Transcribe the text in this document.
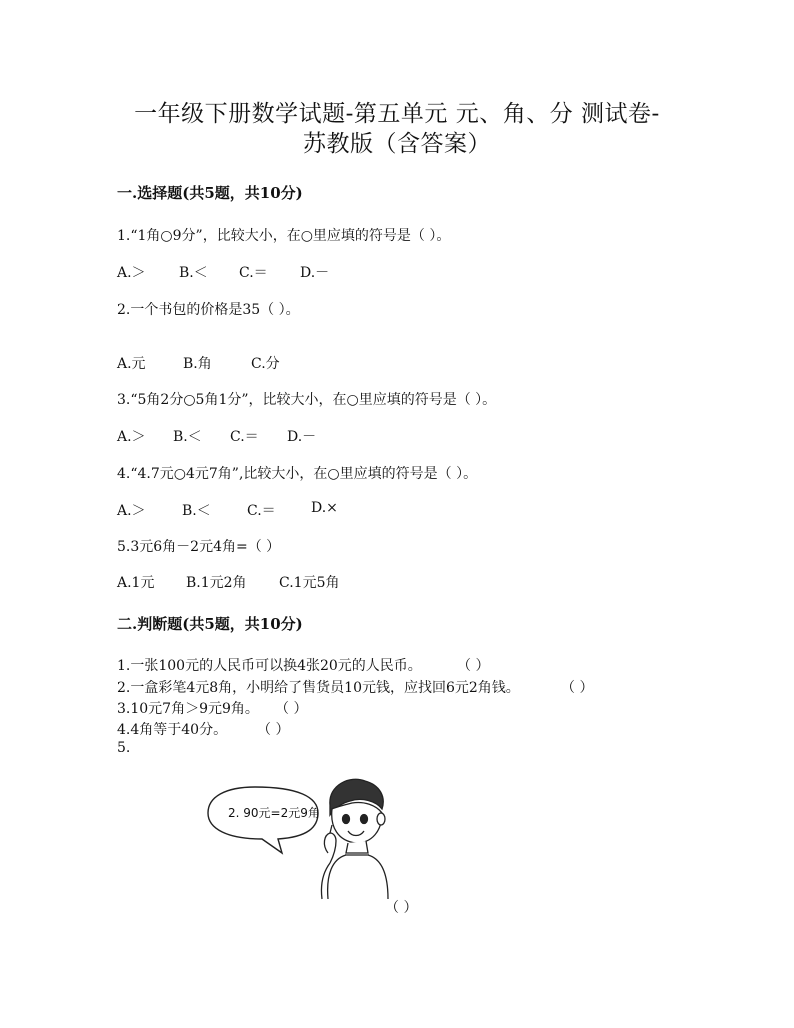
一年级下册数学试题-第五单元 元、角、分 测试卷-
苏教版（含答案）
一.选择题(共5题，共10分)
1.“1角○9分”，比较大小，在○里应填的符号是（ ）。
A.＞ B.＜ C.＝ D.－
2.一个书包的价格是35（ ）。
A.元	B.角	C.分
3.“5角2分○5角1分”，比较大小，在○里应填的符号是（ ）。
A.＞ B.＜ C.＝ D.－
4.“4.7元○4元7角”,比较大小，在○里应填的符号是（ ）。
A.＞	B.＜	C.＝	D.×
5.3元6角－2元4角=（ ）
A.1元 B.1元2角 C.1元5角
二.判断题(共5题，共10分)
1.一张100元的人民币可以换4张20元的人民币。	（ ）
2.一盒彩笔4元8角，小明给了售货员10元钱，应找回6元2角钱。	（ ）
3.10元7角＞9元9角。 （ ）
4.4角等于40分。 （ ）
5.
2. 90元=2元9角
（ ）
